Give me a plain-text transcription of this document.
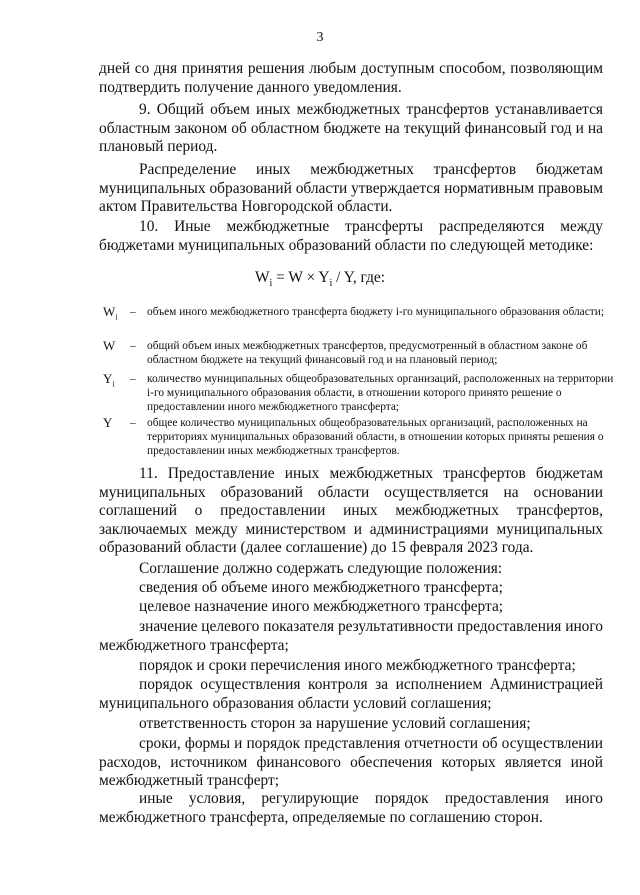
3
дней со дня принятия решения любым доступным способом, позволяющим подтвердить получение данного уведомления.
9. Общий объем иных межбюджетных трансфертов устанавливается областным законом об областном бюджете на текущий финансовый год и на плановый период.
Распределение иных межбюджетных трансфертов бюджетам муниципальных образований области утверждается нормативным правовым актом Правительства Новгородской области.
10. Иные межбюджетные трансферты распределяются между бюджетами муниципальных образований области по следующей методике:
$W_i = W \times Y_i / Y$, где:
$W_i$	– объем иного межбюджетного трансферта бюджету i-го муниципального образования области;
W	– общий объем иных межбюджетных трансфертов, предусмотренный в областном законе об областном бюджете на текущий финансовый год и на плановый период;
$Y_i$	– количество муниципальных общеобразовательных организаций, расположенных на территории i-го муниципального образования области, в отношении которого принято решение о предоставлении иного межбюджетного трансферта;
Y	– общее количество муниципальных общеобразовательных организаций, расположенных на территориях муниципальных образований области, в отношении которых приняты решения о предоставлении иных межбюджетных трансфертов.
11. Предоставление иных межбюджетных трансфертов бюджетам муниципальных образований области осуществляется на основании соглашений о предоставлении иных межбюджетных трансфертов, заключаемых между министерством и администрациями муниципальных образований области (далее соглашение) до 15 февраля 2023 года.
Соглашение должно содержать следующие положения:
сведения об объеме иного межбюджетного трансферта;
целевое назначение иного межбюджетного трансферта;
значение целевого показателя результативности предоставления иного межбюджетного трансферта;
порядок и сроки перечисления иного межбюджетного трансферта;
порядок осуществления контроля за исполнением Администрацией муниципального образования области условий соглашения;
ответственность сторон за нарушение условий соглашения;
сроки, формы и порядок представления отчетности об осуществлении расходов, источником финансового обеспечения которых является иной межбюджетный трансферт;
иные условия, регулирующие порядок предоставления иного межбюджетного трансферта, определяемые по соглашению сторон.
